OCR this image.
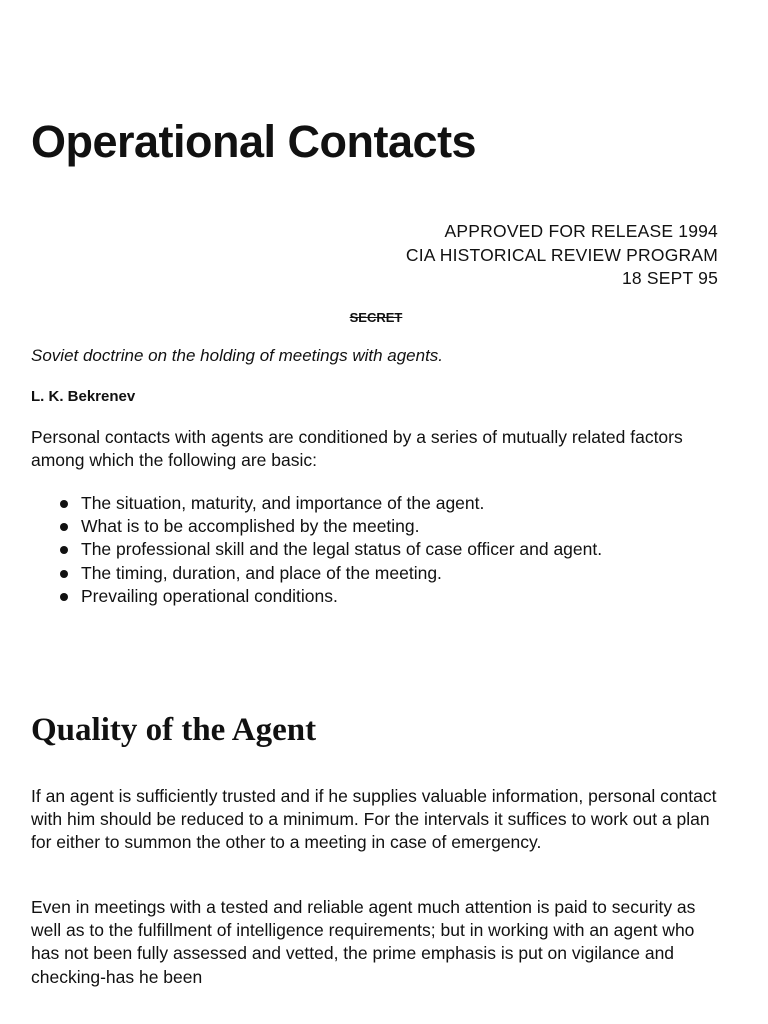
Operational Contacts
APPROVED FOR RELEASE 1994
CIA HISTORICAL REVIEW PROGRAM
18 SEPT 95
SECRET
Soviet doctrine on the holding of meetings with agents.
L. K. Bekrenev

Personal contacts with agents are conditioned by a series of mutually related factors among which the following are basic:

The situation, maturity, and importance of the agent.
What is to be accomplished by the meeting.
The professional skill and the legal status of case officer and agent.
The timing, duration, and place of the meeting.
Prevailing operational conditions.
Quality of the Agent

If an agent is sufficiently trusted and if he supplies valuable information, personal contact with him should be reduced to a minimum. For the intervals it suffices to work out a plan for either to summon the other to a meeting in case of emergency.

Even in meetings with a tested and reliable agent much attention is paid to security as well as to the fulfillment of intelligence requirements; but in working with an agent who has not been fully assessed and vetted, the prime emphasis is put on vigilance and checking-has he been
